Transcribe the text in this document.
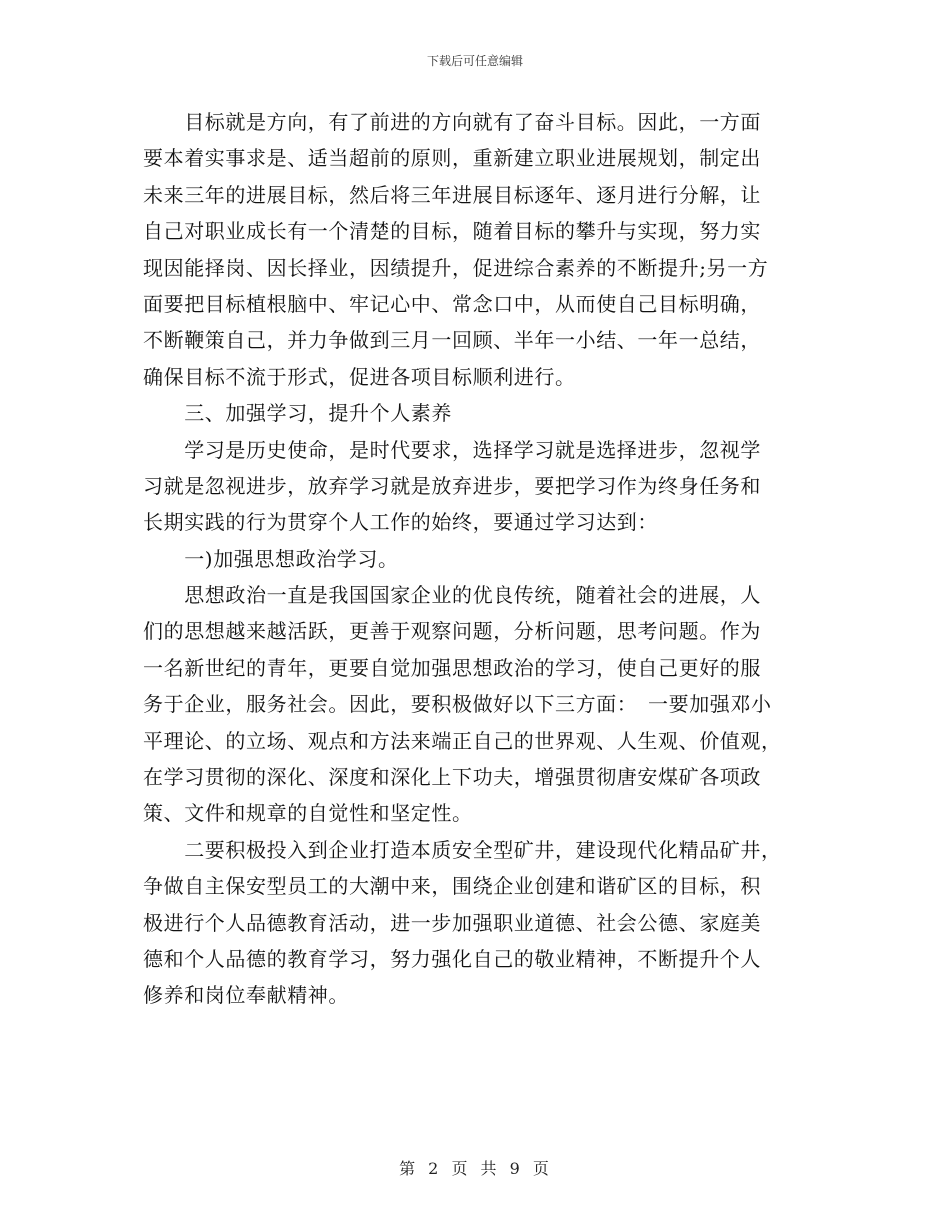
下载后可任意编辑
　　目标就是方向，有了前进的方向就有了奋斗目标。因此，一方面
要本着实事求是、适当超前的原则，重新建立职业进展规划，制定出
未来三年的进展目标，然后将三年进展目标逐年、逐月进行分解，让
自己对职业成长有一个清楚的目标，随着目标的攀升与实现，努力实
现因能择岗、因长择业，因绩提升，促进综合素养的不断提升;另一方
面要把目标植根脑中、牢记心中、常念口中，从而使自己目标明确，
不断鞭策自己，并力争做到三月一回顾、半年一小结、一年一总结，
确保目标不流于形式，促进各项目标顺利进行。
　　三、加强学习，提升个人素养
　　学习是历史使命，是时代要求，选择学习就是选择进步，忽视学
习就是忽视进步，放弃学习就是放弃进步，要把学习作为终身任务和
长期实践的行为贯穿个人工作的始终，要通过学习达到：
　　一)加强思想政治学习。
　　思想政治一直是我国国家企业的优良传统，随着社会的进展，人
们的思想越来越活跃，更善于观察问题，分析问题，思考问题。作为
一名新世纪的青年，更要自觉加强思想政治的学习，使自己更好的服
务于企业，服务社会。因此，要积极做好以下三方面：　一要加强邓小
平理论、的立场、观点和方法来端正自己的世界观、人生观、价值观，
在学习贯彻的深化、深度和深化上下功夫，增强贯彻唐安煤矿各项政
策、文件和规章的自觉性和坚定性。
　　二要积极投入到企业打造本质安全型矿井，建设现代化精品矿井，
争做自主保安型员工的大潮中来，围绕企业创建和谐矿区的目标，积
极进行个人品德教育活动，进一步加强职业道德、社会公德、家庭美
德和个人品德的教育学习，努力强化自己的敬业精神，不断提升个人
修养和岗位奉献精神。
第 2 页 共 9 页
